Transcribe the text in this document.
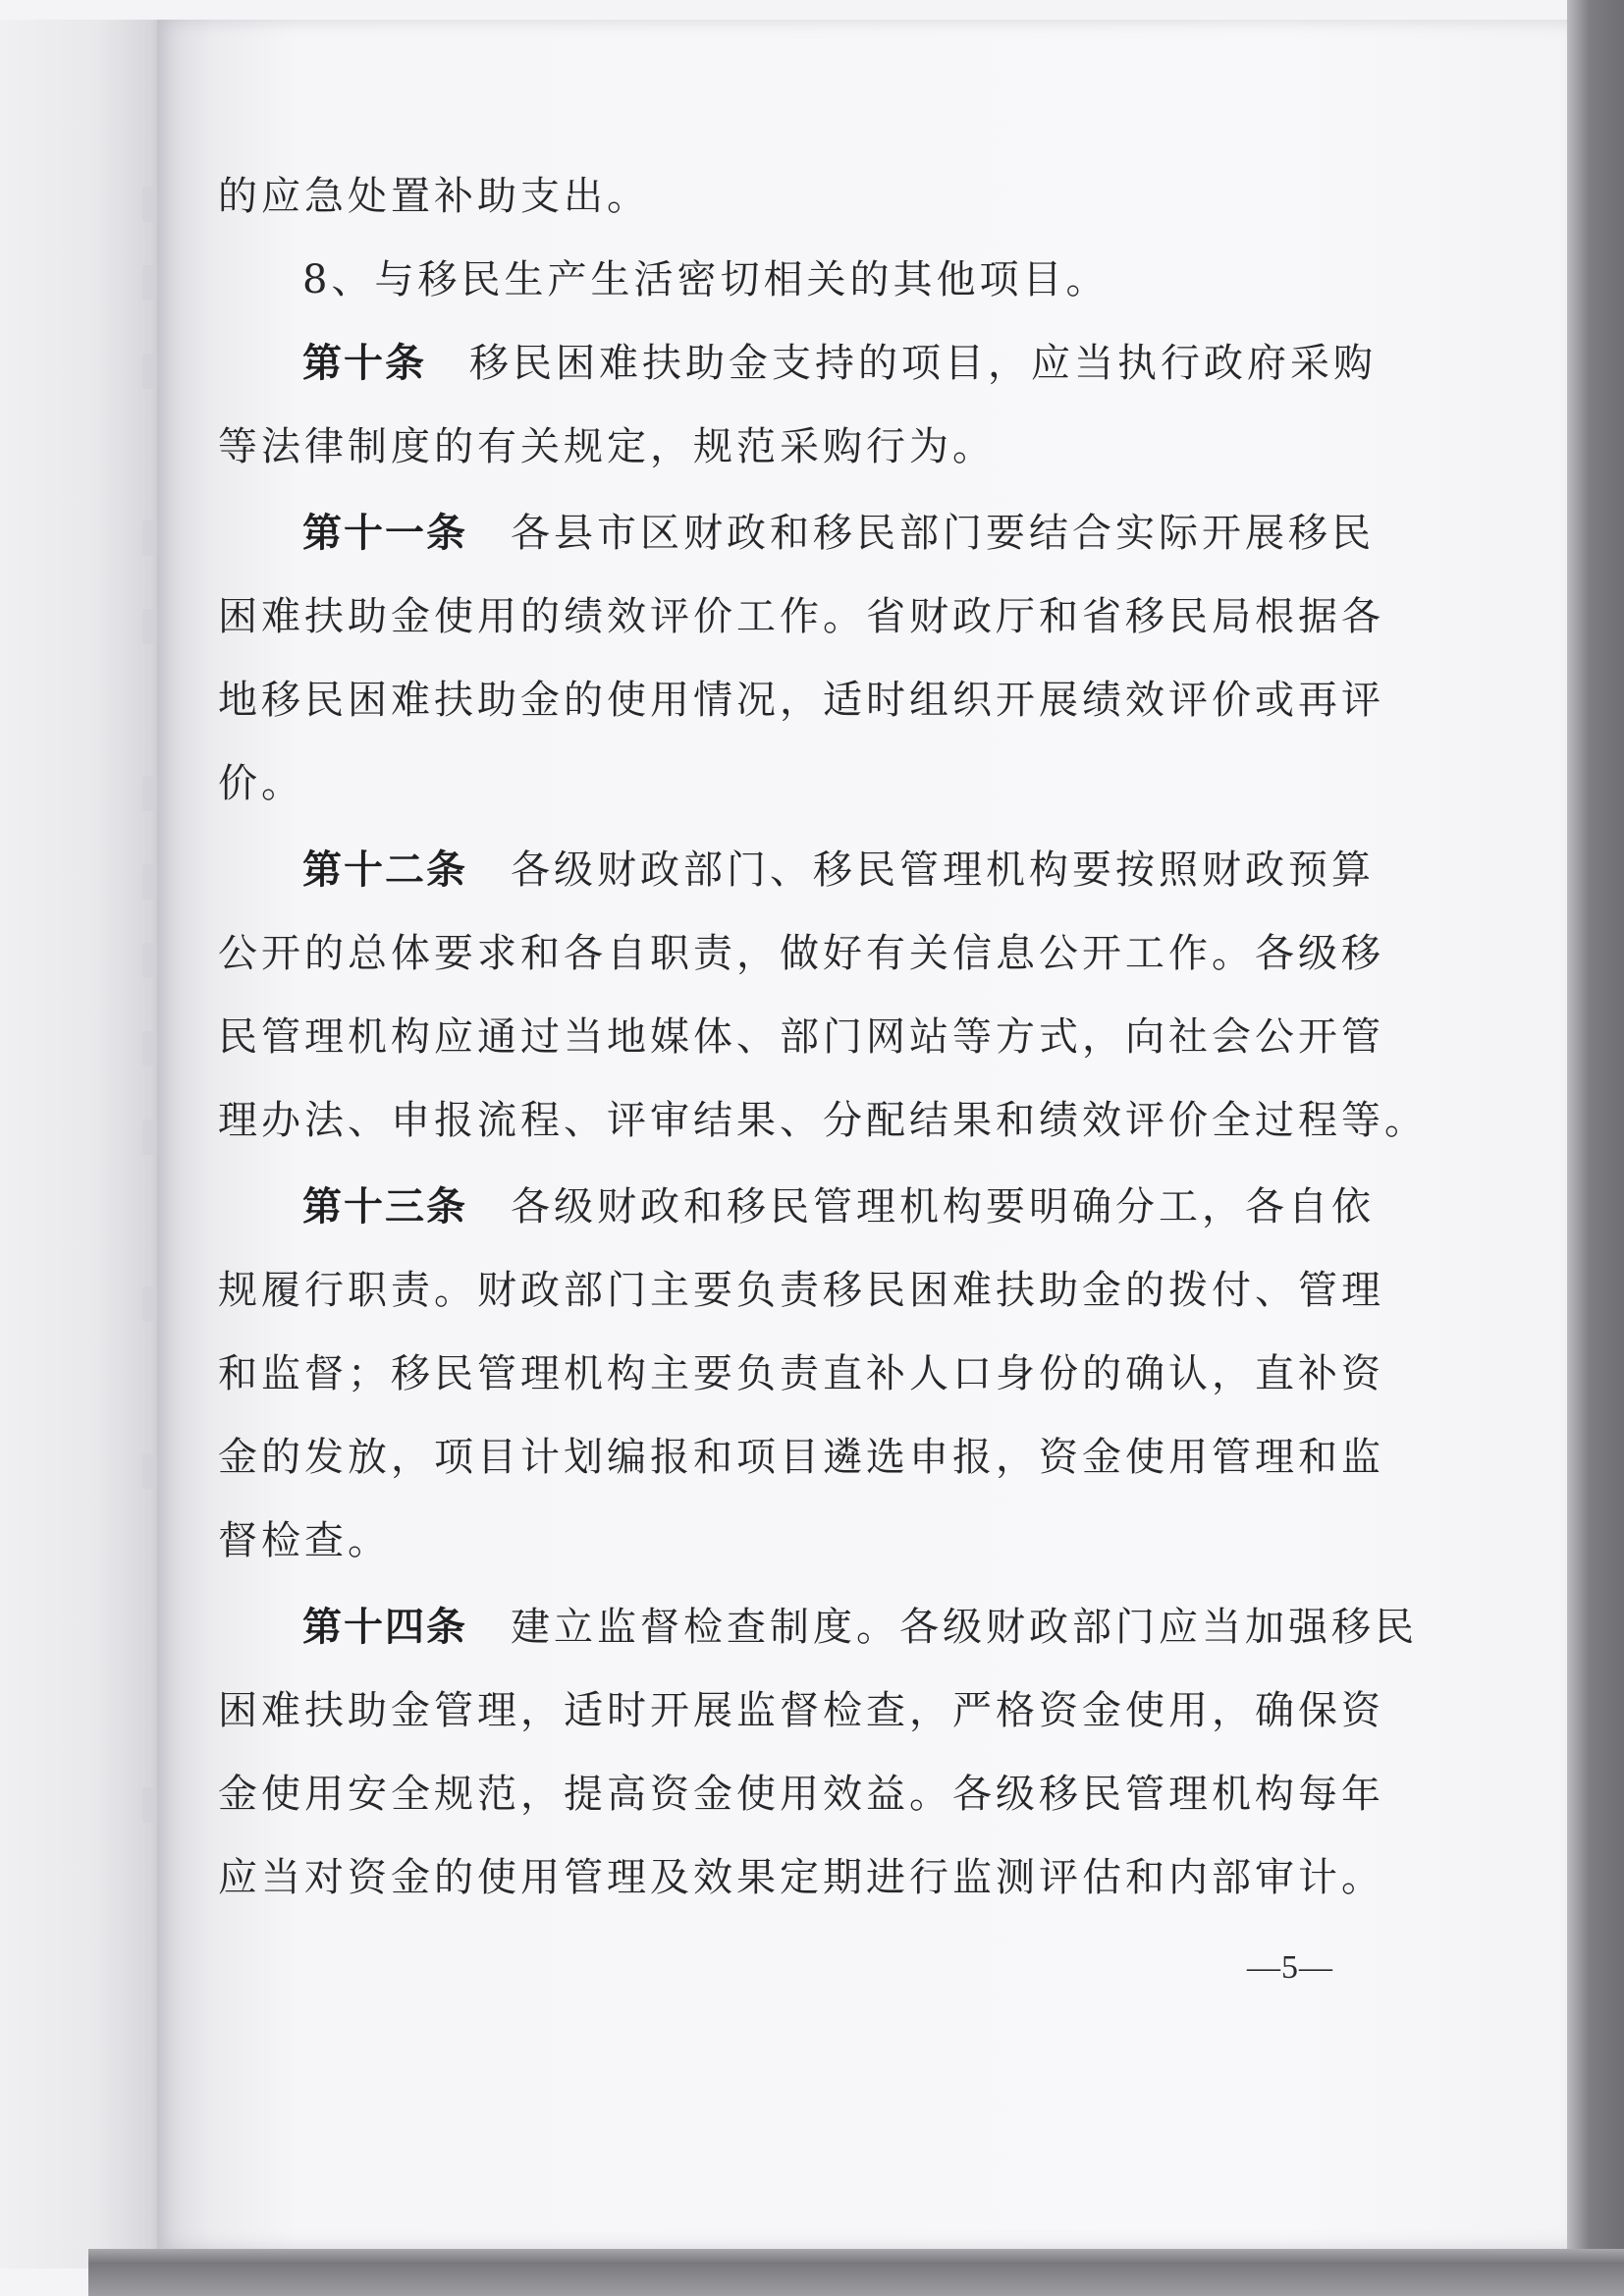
的应急处置补助支出。
8、与移民生产生活密切相关的其他项目。
第十条　 移民困难扶助金支持的项目，应当执行政府采购
等法律制度的有关规定，规范采购行为。
第十一条　 各县市区财政和移民部门要结合实际开展移民
困难扶助金使用的绩效评价工作。省财政厅和省移民局根据各
地移民困难扶助金的使用情况，适时组织开展绩效评价或再评
价。
第十二条　 各级财政部门、移民管理机构要按照财政预算
公开的总体要求和各自职责，做好有关信息公开工作。各级移
民管理机构应通过当地媒体、部门网站等方式，向社会公开管
理办法、申报流程、评审结果、分配结果和绩效评价全过程等。
第十三条　 各级财政和移民管理机构要明确分工，各自依
规履行职责。财政部门主要负责移民困难扶助金的拨付、管理
和监督；移民管理机构主要负责直补人口身份的确认，直补资
金的发放，项目计划编报和项目遴选申报，资金使用管理和监
督检查。
第十四条　 建立监督检查制度。各级财政部门应当加强移民
困难扶助金管理，适时开展监督检查，严格资金使用，确保资
金使用安全规范，提高资金使用效益。各级移民管理机构每年
应当对资金的使用管理及效果定期进行监测评估和内部审计。
—5—
